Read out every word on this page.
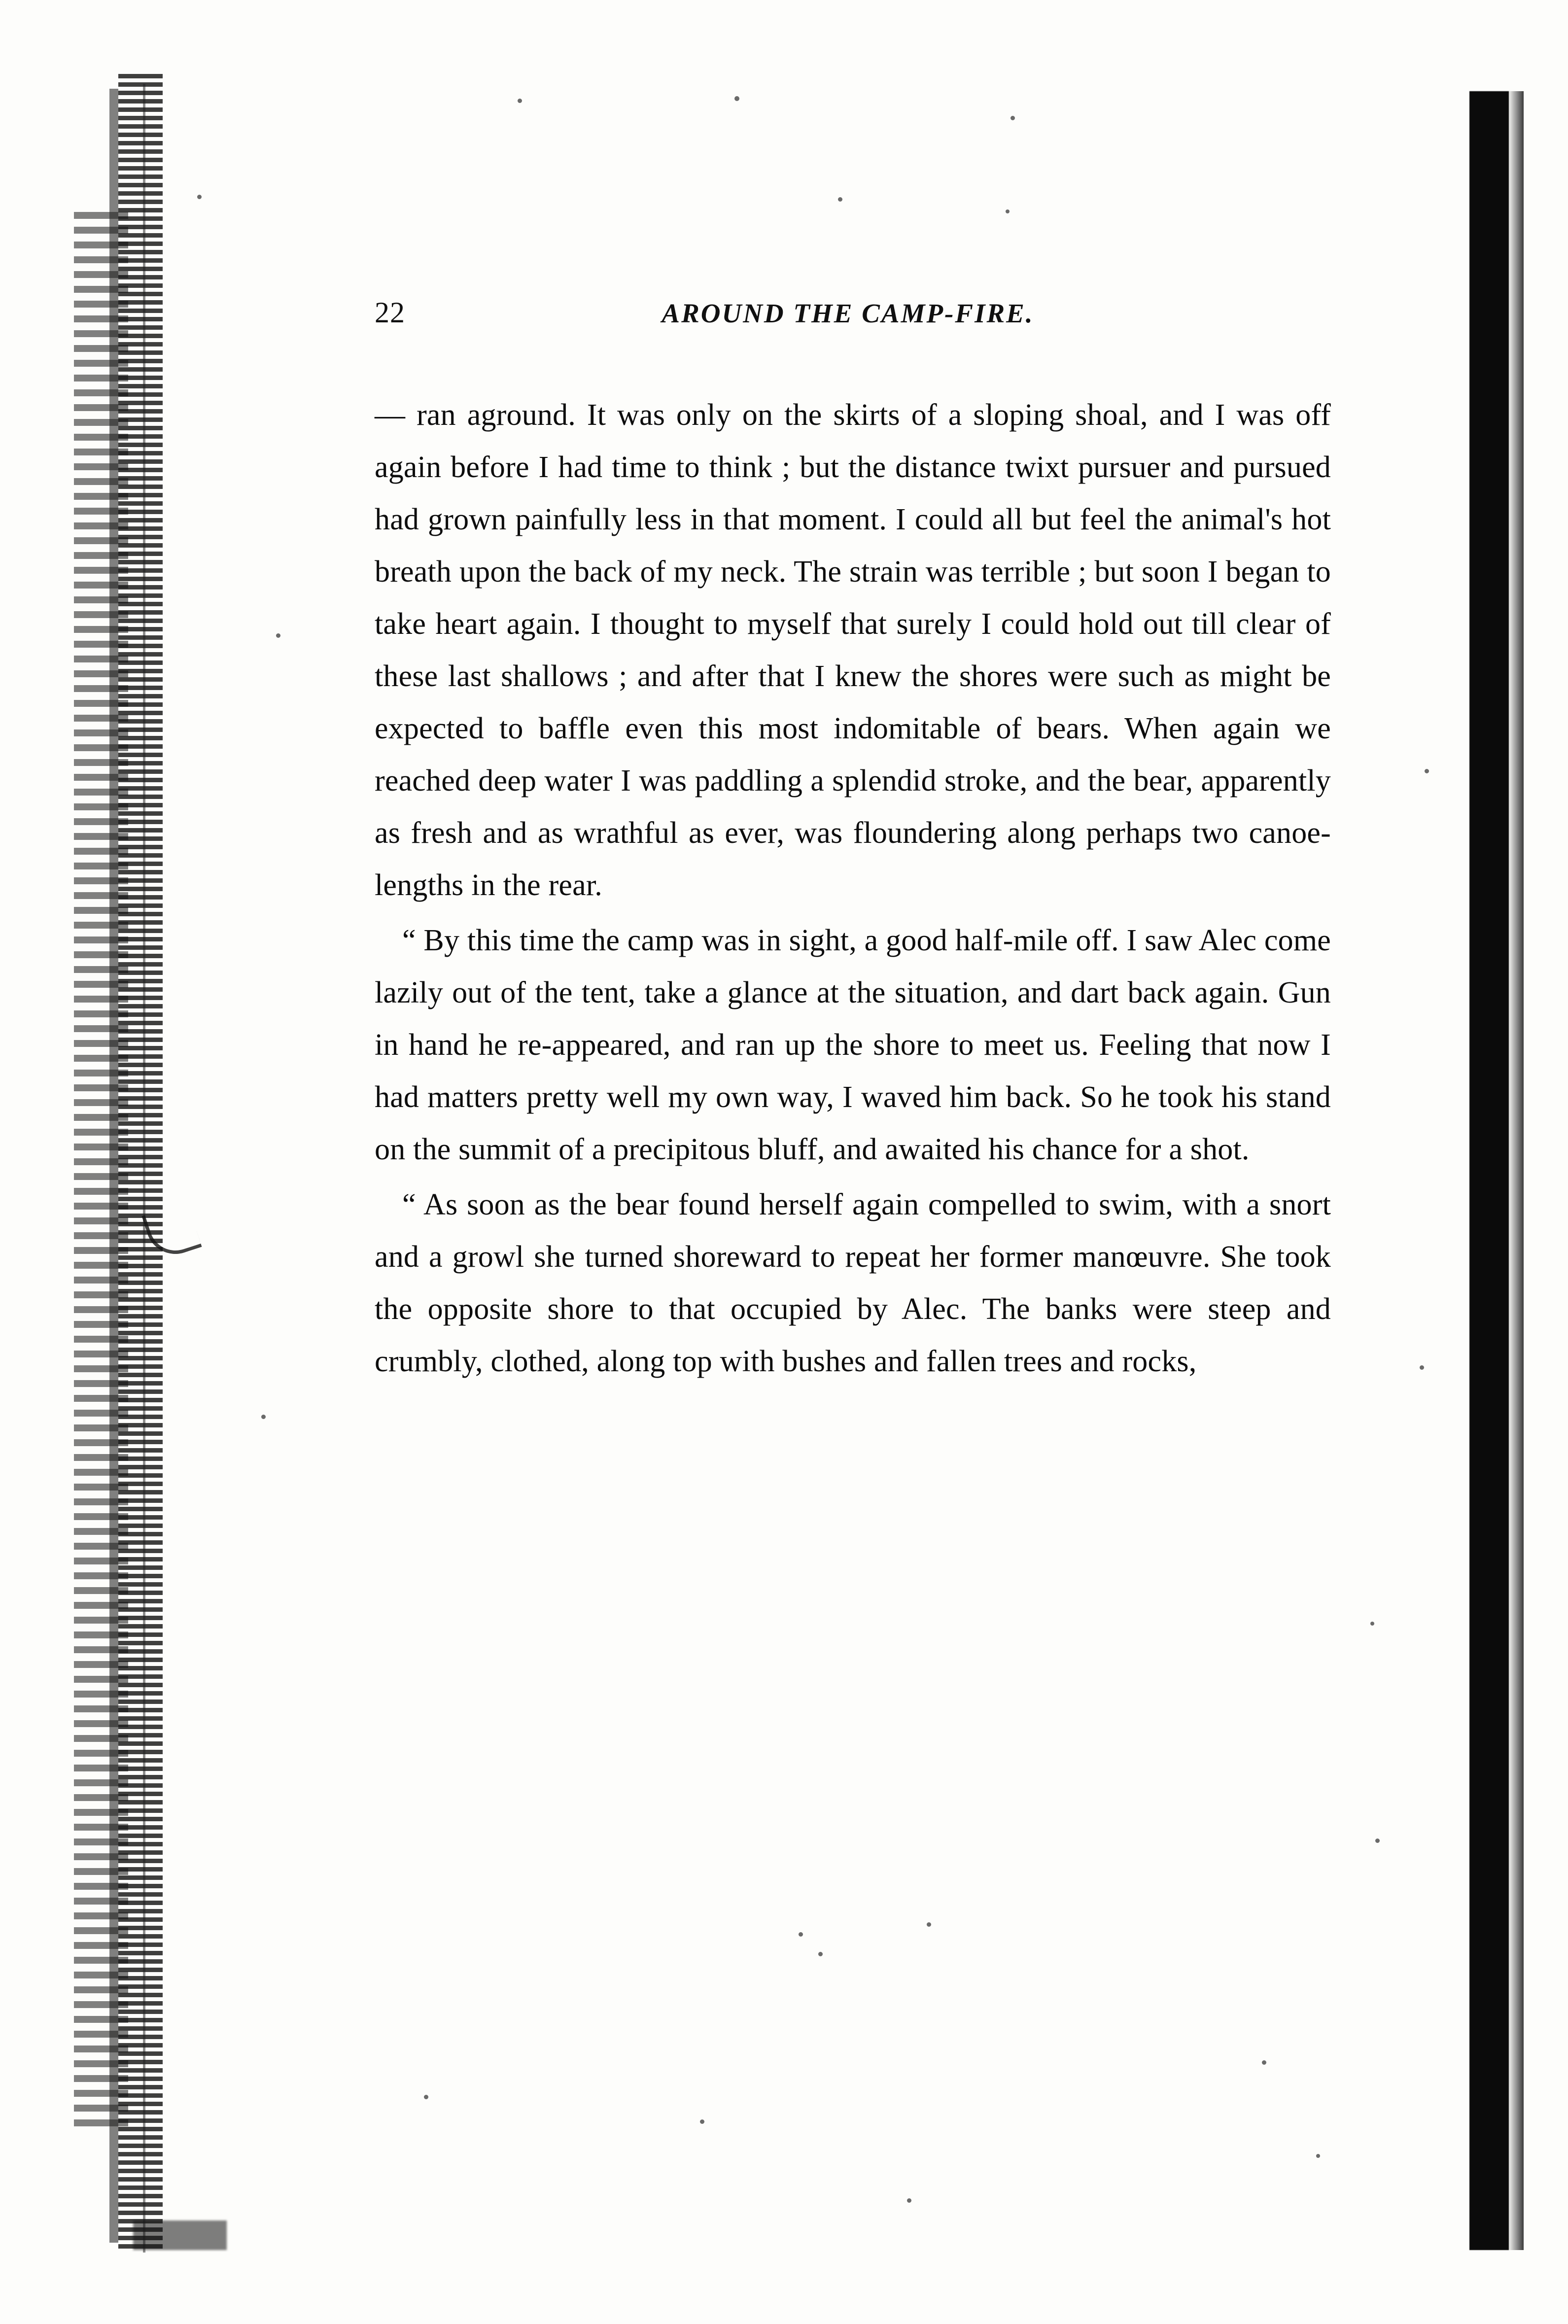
22	AROUND THE CAMP-FIRE.

— ran aground. It was only on the skirts of a sloping shoal, and I was off again before I had time to think ; but the distance twixt pursuer and pursued had grown painfully less in that moment. I could all but feel the animal's hot breath upon the back of my neck. The strain was terrible ; but soon I began to take heart again. I thought to myself that surely I could hold out till clear of these last shallows ; and after that I knew the shores were such as might be expected to baffle even this most indomitable of bears. When again we reached deep water I was paddling a splendid stroke, and the bear, apparently as fresh and as wrathful as ever, was floundering along perhaps two canoe-lengths in the rear.

“ By this time the camp was in sight, a good half-mile off. I saw Alec come lazily out of the tent, take a glance at the situation, and dart back again. Gun in hand he re-appeared, and ran up the shore to meet us. Feeling that now I had matters pretty well my own way, I waved him back. So he took his stand on the summit of a precipitous bluff, and awaited his chance for a shot.

“ As soon as the bear found herself again compelled to swim, with a snort and a growl she turned shoreward to repeat her former manœuvre. She took the opposite shore to that occupied by Alec. The banks were steep and crumbly, clothed, along top with bushes and fallen trees and rocks,
